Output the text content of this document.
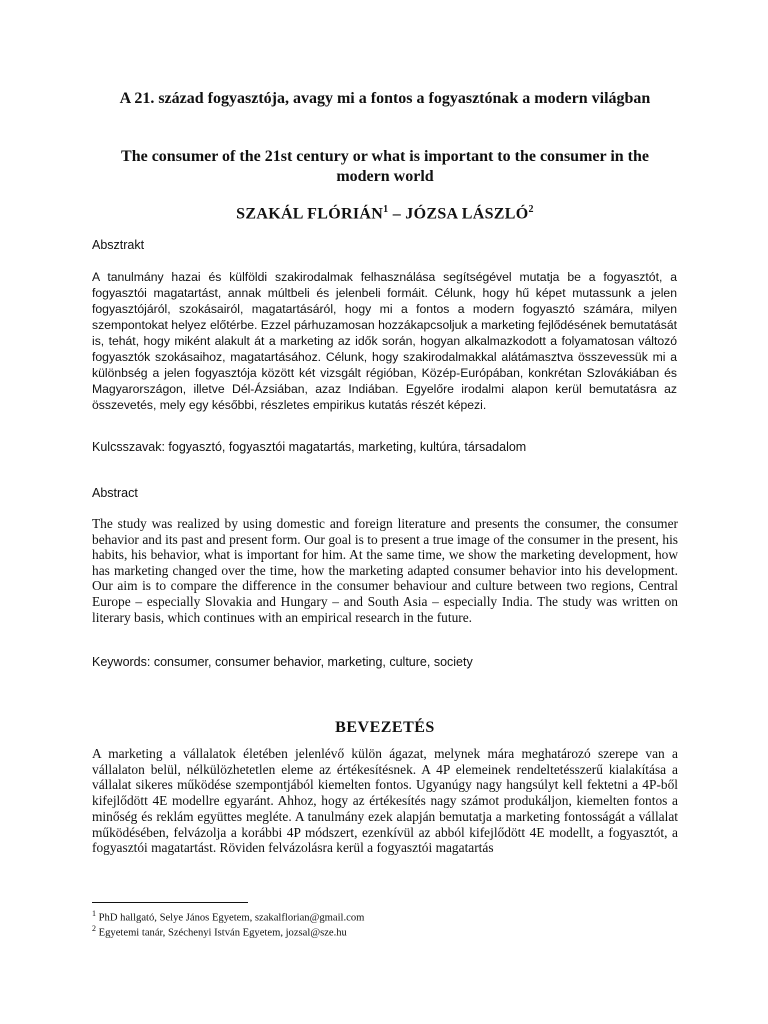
A 21. század fogyasztója, avagy mi a fontos a fogyasztónak a modern világban
The consumer of the 21st century or what is important to the consumer in the modern world
SZAKÁL FLÓRIÁN$^1$ – JÓZSA LÁSZLÓ$^2$
Absztrakt
A tanulmány hazai és külföldi szakirodalmak felhasználása segítségével mutatja be a fogyasztót, a fogyasztói magatartást, annak múltbeli és jelenbeli formáit. Célunk, hogy hű képet mutassunk a jelen fogyasztójáról, szokásairól, magatartásáról, hogy mi a fontos a modern fogyasztó számára, milyen szempontokat helyez előtérbe. Ezzel párhuzamosan hozzákapcsoljuk a marketing fejlődésének bemutatását is, tehát, hogy miként alakult át a marketing az idők során, hogyan alkalmazkodott a folyamatosan változó fogyasztók szokásaihoz, magatartásához. Célunk, hogy szakirodalmakkal alátámasztva összevessük mi a különbség a jelen fogyasztója között két vizsgált régióban, Közép-Európában, konkrétan Szlovákiában és Magyarországon, illetve Dél-Ázsiában, azaz Indiában. Egyelőre irodalmi alapon kerül bemutatásra az összevetés, mely egy későbbi, részletes empirikus kutatás részét képezi.
Kulcsszavak: fogyasztó, fogyasztói magatartás, marketing, kultúra, társadalom
Abstract
The study was realized by using domestic and foreign literature and presents the consumer, the consumer behavior and its past and present form. Our goal is to present a true image of the consumer in the present, his habits, his behavior, what is important for him. At the same time, we show the marketing development, how has marketing changed over the time, how the marketing adapted consumer behavior into his development. Our aim is to compare the difference in the consumer behaviour and culture between two regions, Central Europe – especially Slovakia and Hungary – and South Asia – especially India. The study was written on literary basis, which continues with an empirical research in the future.
Keywords: consumer, consumer behavior, marketing, culture, society
BEVEZETÉS
A marketing a vállalatok életében jelenlévő külön ágazat, melynek mára meghatározó szerepe van a vállalaton belül, nélkülözhetetlen eleme az értékesítésnek. A 4P elemeinek rendeltetésszerű kialakítása a vállalat sikeres működése szempontjából kiemelten fontos. Ugyanúgy nagy hangsúlyt kell fektetni a 4P-ből kifejlődött 4E modellre egyaránt. Ahhoz, hogy az értékesítés nagy számot produkáljon, kiemelten fontos a minőség és reklám együttes megléte. A tanulmány ezek alapján bemutatja a marketing fontosságát a vállalat működésében, felvázolja a korábbi 4P módszert, ezenkívül az abból kifejlődött 4E modellt, a fogyasztót, a fogyasztói magatartást. Röviden felvázolásra kerül a fogyasztói magatartás
$^1$ PhD hallgató, Selye János Egyetem, szakalflorian@gmail.com
$^2$ Egyetemi tanár, Széchenyi István Egyetem, jozsal@sze.hu
